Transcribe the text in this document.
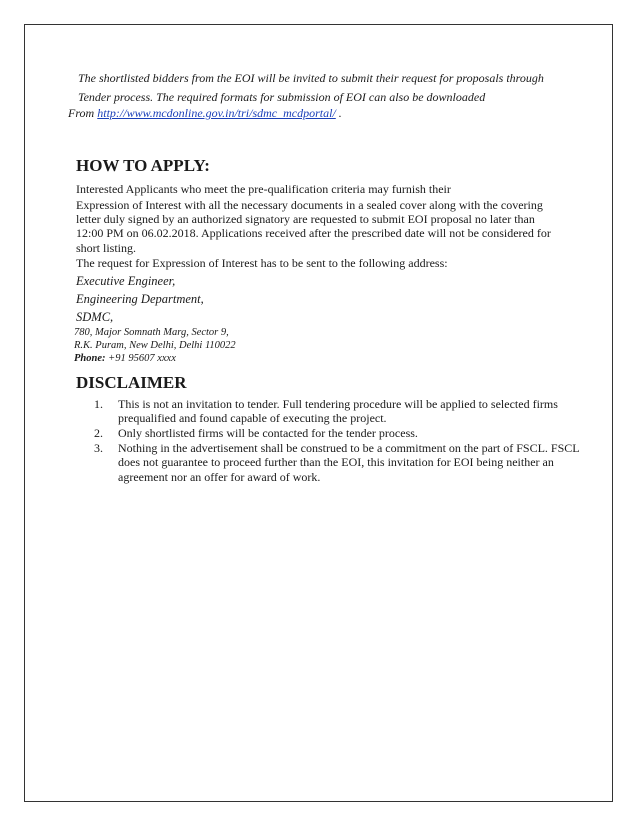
The shortlisted bidders from the EOI will be invited to submit their request for proposals through
Tender process. The required formats for submission of EOI can also be downloaded
From http://www.mcdonline.gov.in/tri/sdmc_mcdportal/ .
HOW TO APPLY:
Interested Applicants who meet the pre-qualification criteria may furnish their
Expression of Interest with all the necessary documents in a sealed cover along with the covering
letter duly signed by an authorized signatory are requested to submit EOI proposal no later than
12:00 PM on 06.02.2018. Applications received after the prescribed date will not be considered for
short listing.
The request for Expression of Interest has to be sent to the following address:
Executive Engineer,
Engineering Department,
SDMC,
780, Major Somnath Marg, Sector 9,
R.K. Puram, New Delhi, Delhi 110022
Phone: +91 95607 xxxx
DISCLAIMER
1. This is not an invitation to tender. Full tendering procedure will be applied to selected firms
prequalified and found capable of executing the project.
2. Only shortlisted firms will be contacted for the tender process.
3. Nothing in the advertisement shall be construed to be a commitment on the part of FSCL. FSCL
does not guarantee to proceed further than the EOI, this invitation for EOI being neither an
agreement nor an offer for award of work.
